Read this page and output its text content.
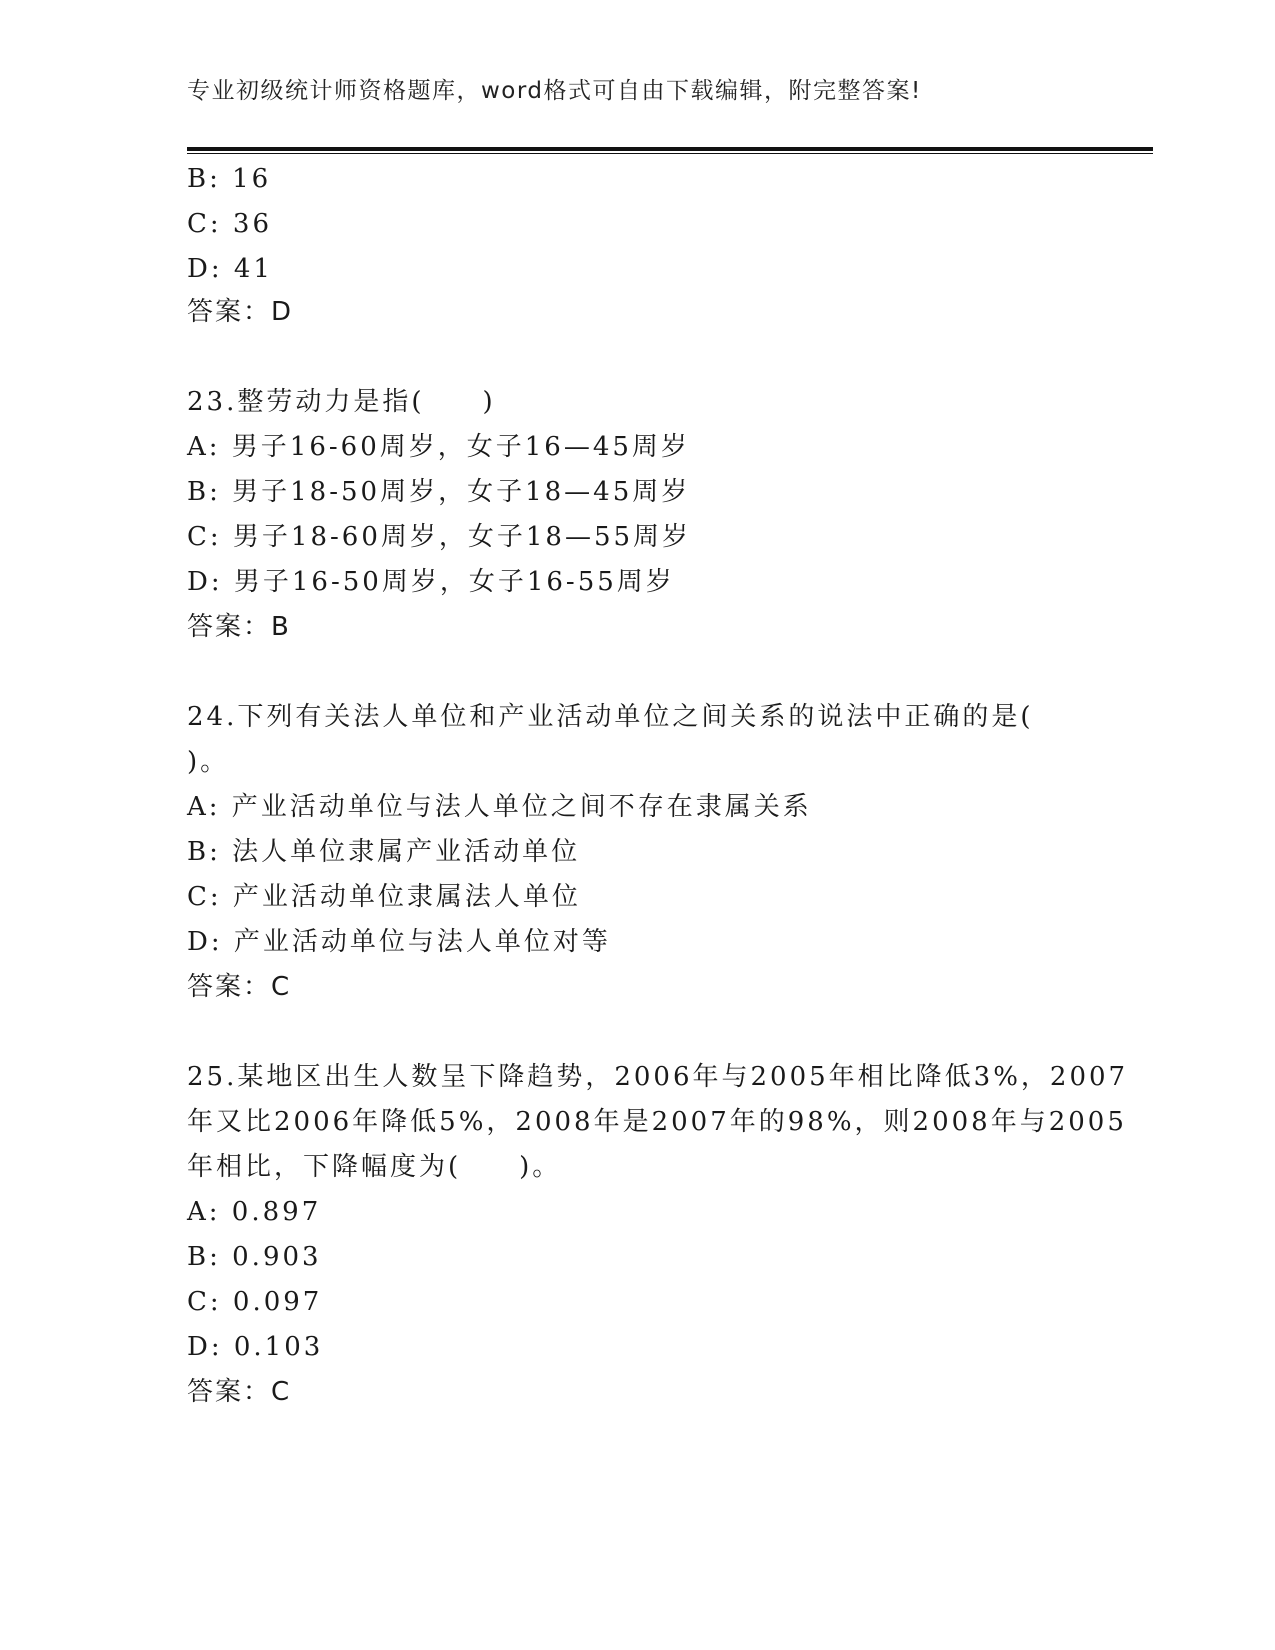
专业初级统计师资格题库，word格式可自由下载编辑，附完整答案!
B: 16
C: 36
D: 41
答案：D
23.整劳动力是指(　　)
A: 男子16-60周岁，女子16—45周岁
B: 男子18-50周岁，女子18—45周岁
C: 男子18-60周岁，女子18—55周岁
D: 男子16-50周岁，女子16-55周岁
答案：B
24.下列有关法人单位和产业活动单位之间关系的说法中正确的是(
)。
A: 产业活动单位与法人单位之间不存在隶属关系
B: 法人单位隶属产业活动单位
C: 产业活动单位隶属法人单位
D: 产业活动单位与法人单位对等
答案：C
25.某地区出生人数呈下降趋势，2006年与2005年相比降低3%，2007
年又比2006年降低5%，2008年是2007年的98%，则2008年与2005
年相比，下降幅度为(　　)。
A: 0.897
B: 0.903
C: 0.097
D: 0.103
答案：C
